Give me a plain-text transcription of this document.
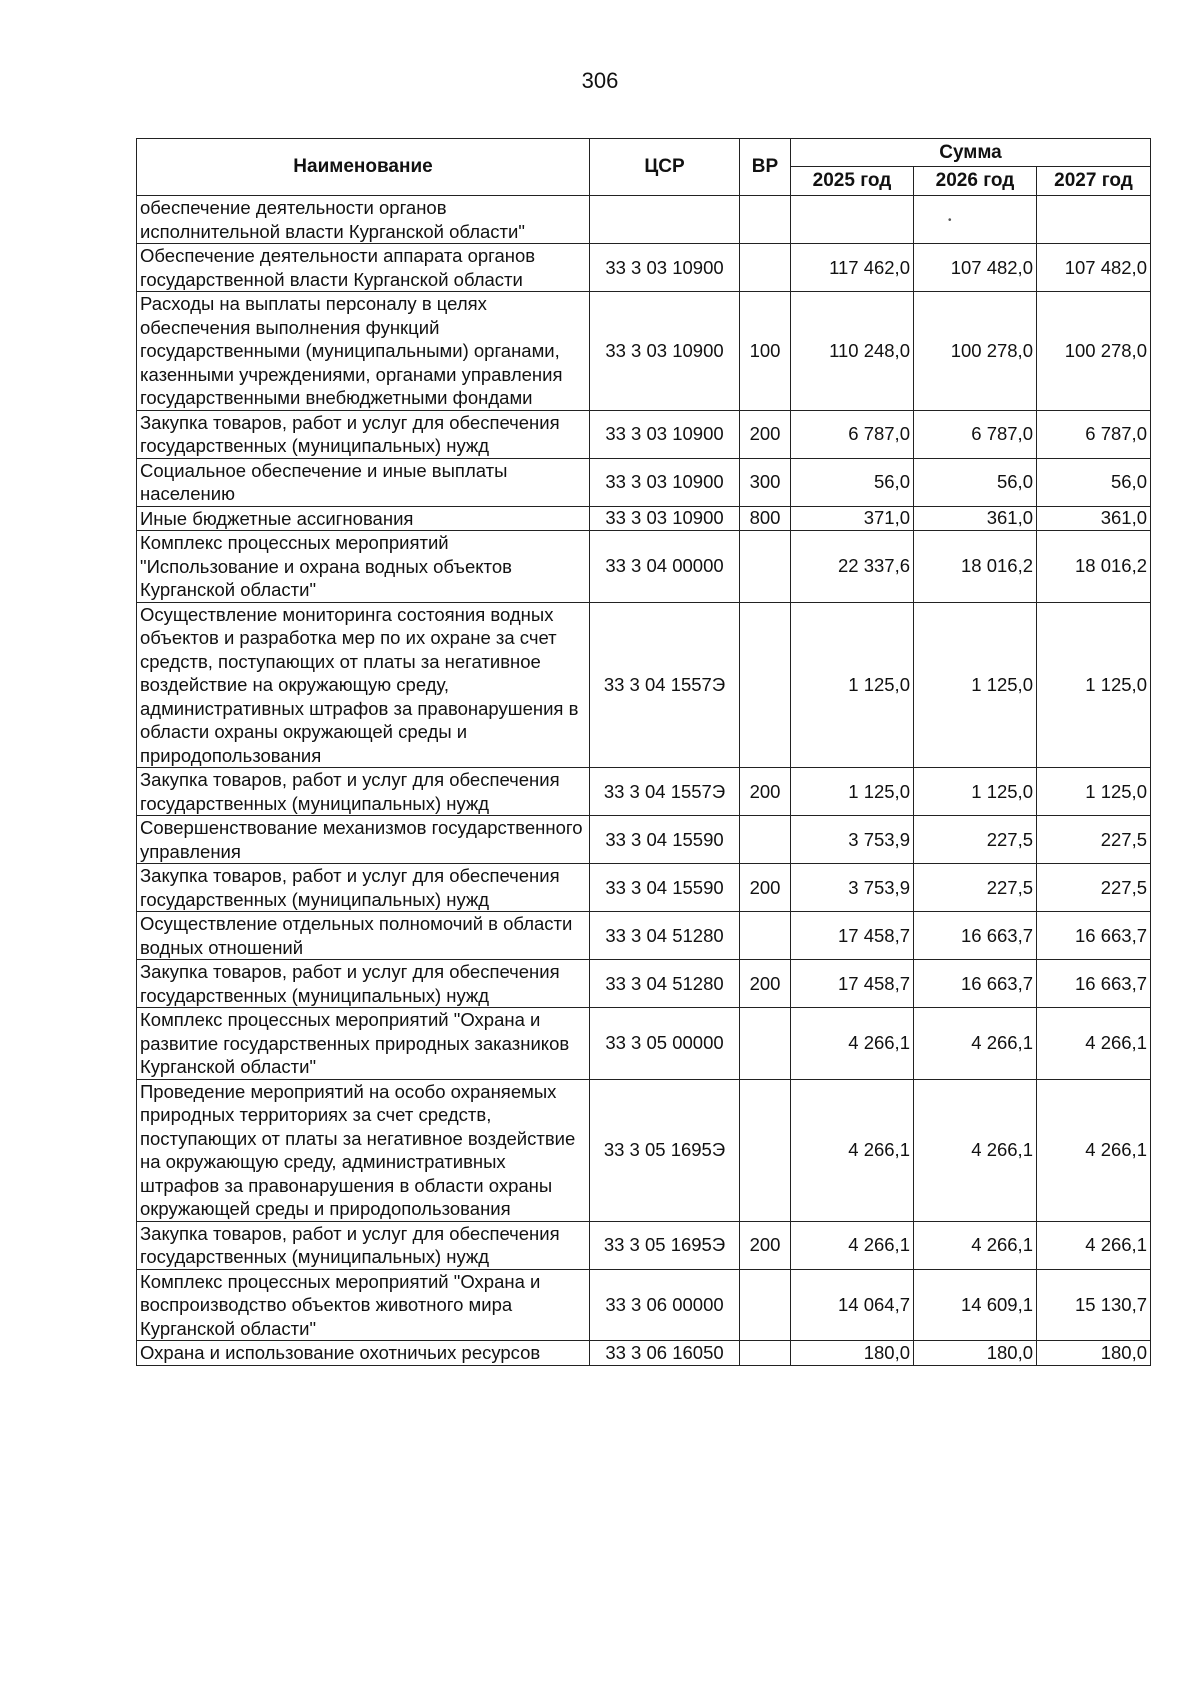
306
•
Наименование	ЦСР	ВР	Сумма		
			2025 год	2026 год	2027 год
обеспечение деятельности органов исполнительной власти Курганской области"					
Обеспечение деятельности аппарата органов государственной власти Курганской области	33 3 03 10900		117 462,0	107 482,0	107 482,0
Расходы на выплаты персоналу в целях обеспечения выполнения функций государственными (муниципальными) органами, казенными учреждениями, органами управления государственными внебюджетными фондами	33 3 03 10900	100	110 248,0	100 278,0	100 278,0
Закупка товаров, работ и услуг для обеспечения государственных (муниципальных) нужд	33 3 03 10900	200	6 787,0	6 787,0	6 787,0
Социальное обеспечение и иные выплаты населению	33 3 03 10900	300	56,0	56,0	56,0
Иные бюджетные ассигнования	33 3 03 10900	800	371,0	361,0	361,0
Комплекс процессных мероприятий "Использование и охрана водных объектов Курганской области"	33 3 04 00000		22 337,6	18 016,2	18 016,2
Осуществление мониторинга состояния водных объектов и разработка мер по их охране за счет средств, поступающих от платы за негативное воздействие на окружающую среду, административных штрафов за правонарушения в области охраны окружающей среды и природопользования	33 3 04 1557Э		1 125,0	1 125,0	1 125,0
Закупка товаров, работ и услуг для обеспечения государственных (муниципальных) нужд	33 3 04 1557Э	200	1 125,0	1 125,0	1 125,0
Совершенствование механизмов государственного управления	33 3 04 15590		3 753,9	227,5	227,5
Закупка товаров, работ и услуг для обеспечения государственных (муниципальных) нужд	33 3 04 15590	200	3 753,9	227,5	227,5
Осуществление отдельных полномочий в области водных отношений	33 3 04 51280		17 458,7	16 663,7	16 663,7
Закупка товаров, работ и услуг для обеспечения государственных (муниципальных) нужд	33 3 04 51280	200	17 458,7	16 663,7	16 663,7
Комплекс процессных мероприятий "Охрана и развитие государственных природных заказников Курганской области"	33 3 05 00000		4 266,1	4 266,1	4 266,1
Проведение мероприятий на особо охраняемых природных территориях за счет средств, поступающих от платы за негативное воздействие на окружающую среду, административных штрафов за правонарушения в области охраны окружающей среды и природопользования	33 3 05 1695Э		4 266,1	4 266,1	4 266,1
Закупка товаров, работ и услуг для обеспечения государственных (муниципальных) нужд	33 3 05 1695Э	200	4 266,1	4 266,1	4 266,1
Комплекс процессных мероприятий "Охрана и воспроизводство объектов животного мира Курганской области"	33 3 06 00000		14 064,7	14 609,1	15 130,7
Охрана и использование охотничьих ресурсов	33 3 06 16050		180,0	180,0	180,0
